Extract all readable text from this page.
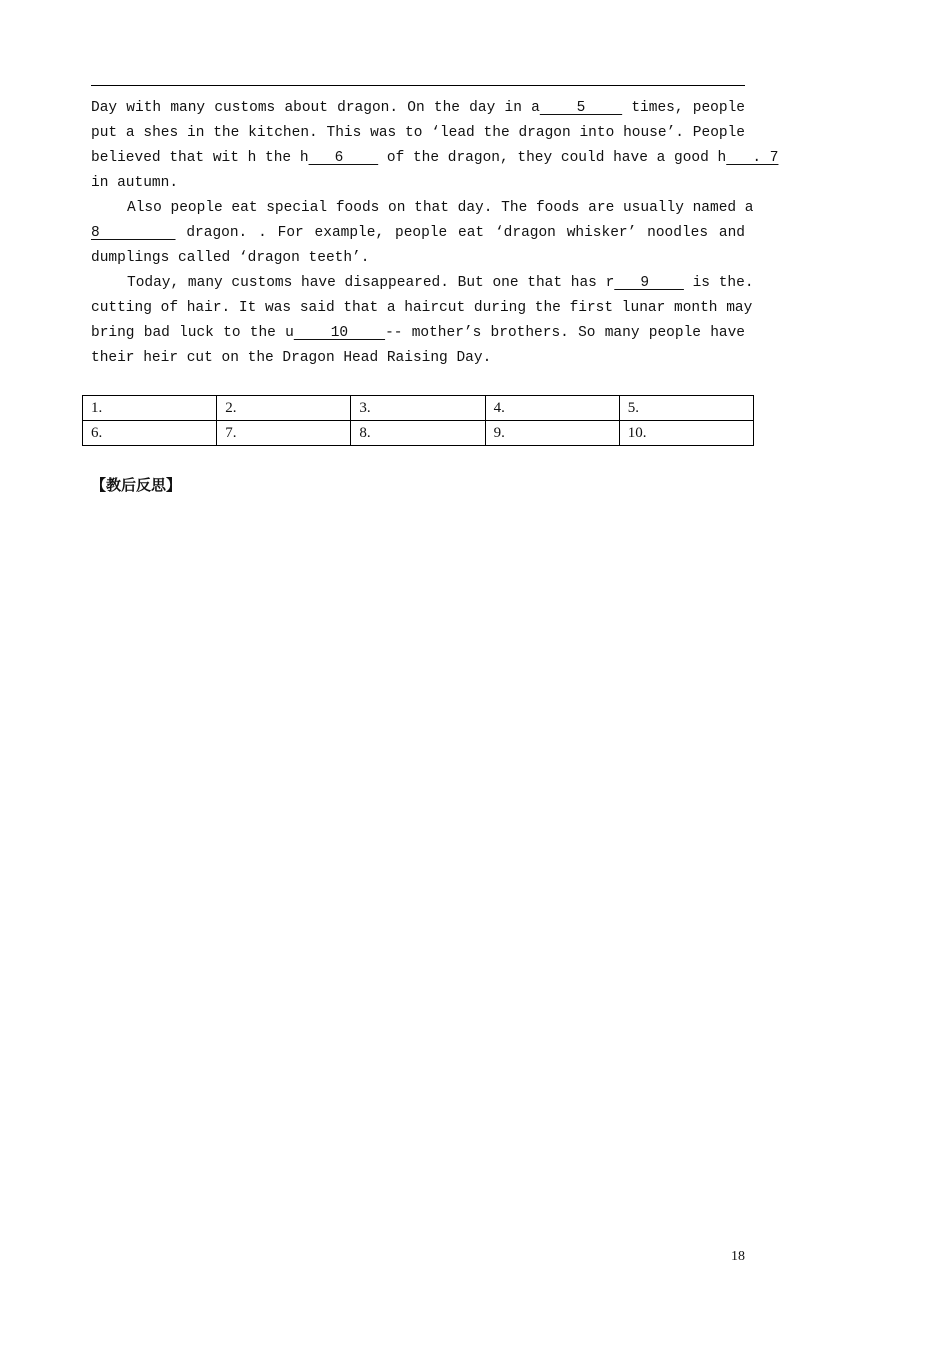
Day with many customs about dragon. On the day in a    5     times, people
put a shes in the kitchen. This was to ‘lead the dragon into house’. People
believed that wit h the h   6     of the dragon, they could have a good h   . 7
in autumn.
Also people eat special foods on that day. The foods are usually named a
8        dragon. . For example, people eat ‘dragon whisker’ noodles and
dumplings called ‘dragon teeth’.
Today, many customs have disappeared. But one that has r   9     is the.
cutting of hair. It was said that a haircut during the first lunar month may
bring bad luck to the u    10    -- mother’s brothers. So many people have
their heir cut on the Dragon Head Raising Day.
1.	2.	3.	4.	5.
6.	7.	8.	9.	10.
【教后反思】
18
